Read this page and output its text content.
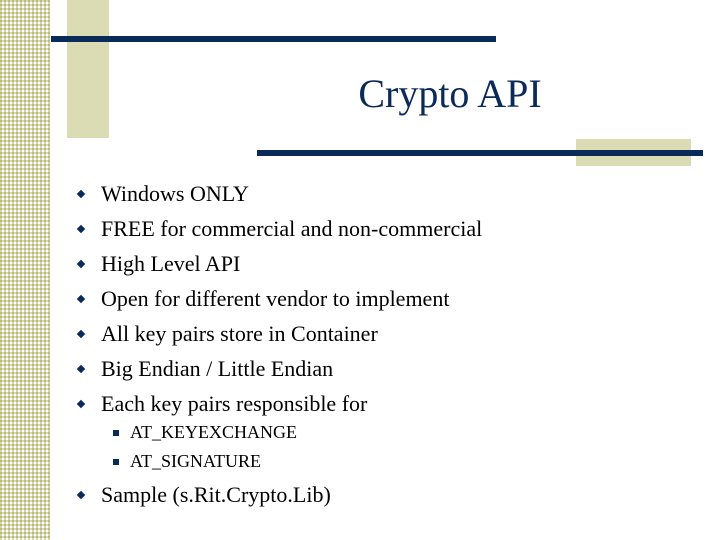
Crypto API
Windows ONLY
FREE for commercial and non-commercial
High Level API
Open for different vendor to implement
All key pairs store in Container
Big Endian / Little Endian
Each key pairs responsible for
AT_KEYEXCHANGE
AT_SIGNATURE
Sample (s.Rit.Crypto.Lib)
